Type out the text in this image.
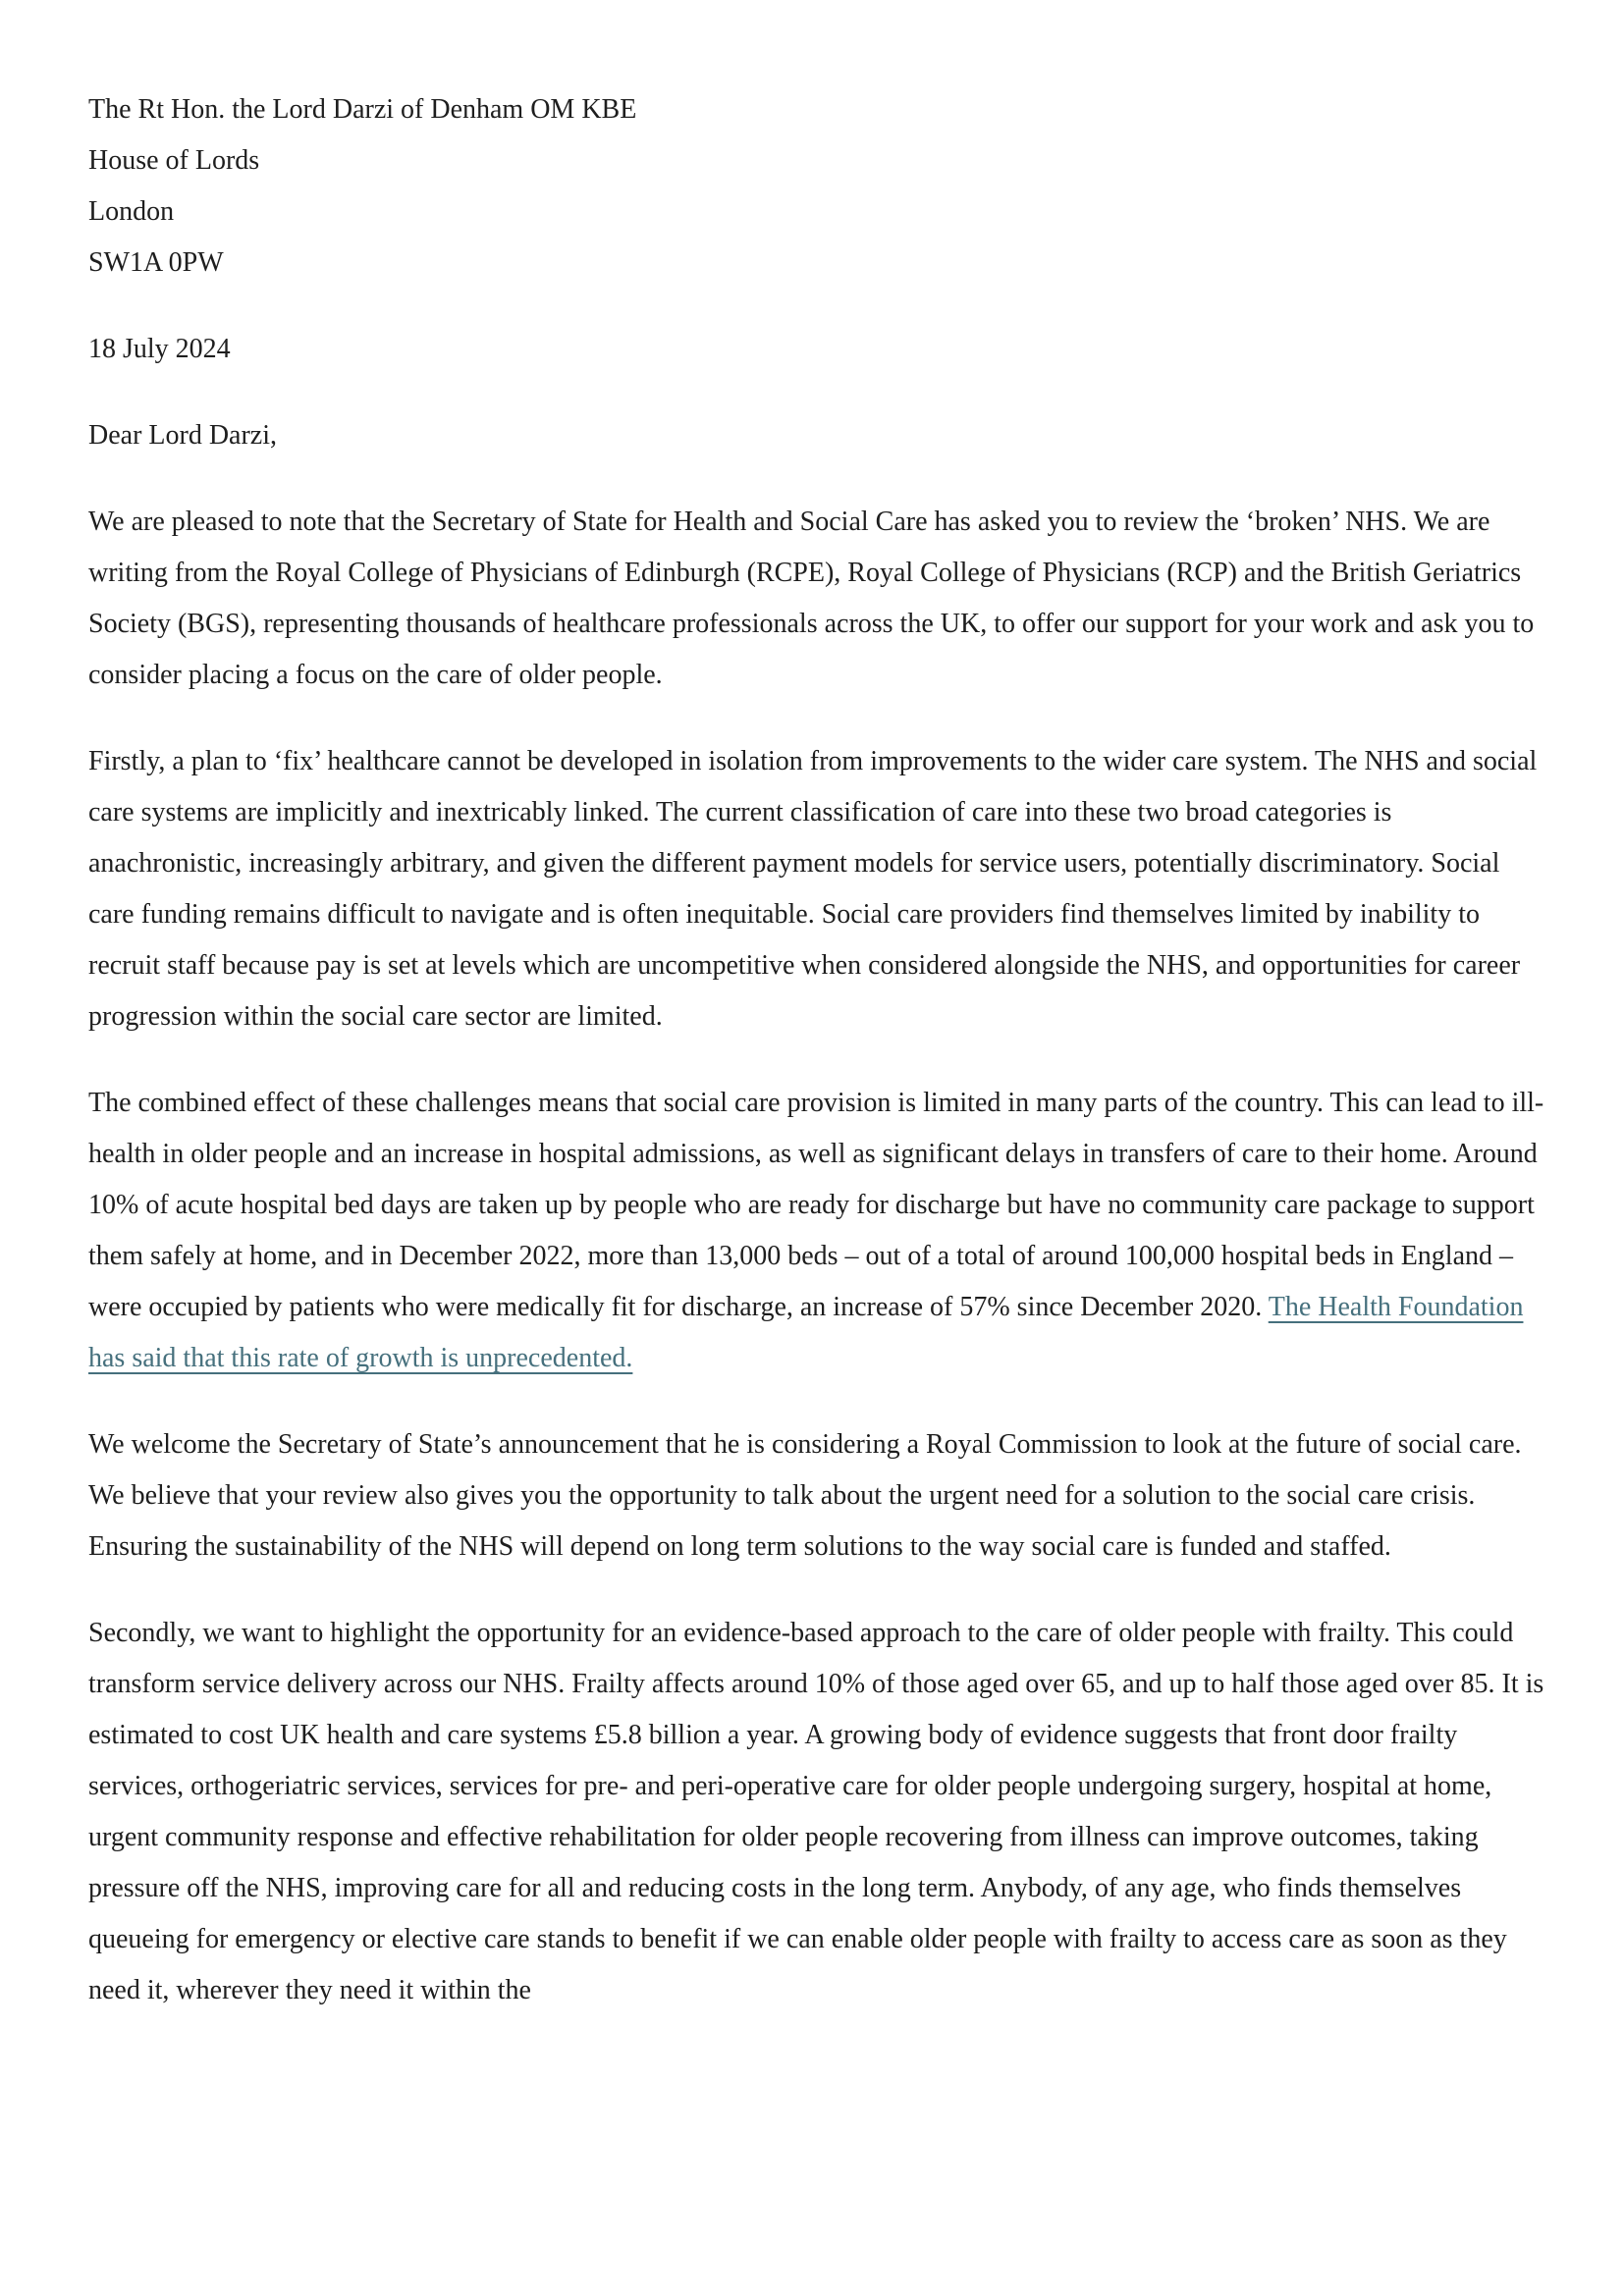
The Rt Hon. the Lord Darzi of Denham OM KBE
House of Lords
London
SW1A 0PW

18 July 2024

Dear Lord Darzi,

We are pleased to note that the Secretary of State for Health and Social Care has asked you to review the ‘broken’ NHS. We are writing from the Royal College of Physicians of Edinburgh (RCPE), Royal College of Physicians (RCP) and the British Geriatrics Society (BGS), representing thousands of healthcare professionals across the UK, to offer our support for your work and ask you to consider placing a focus on the care of older people.

Firstly, a plan to ‘fix’ healthcare cannot be developed in isolation from improvements to the wider care system. The NHS and social care systems are implicitly and inextricably linked. The current classification of care into these two broad categories is anachronistic, increasingly arbitrary, and given the different payment models for service users, potentially discriminatory. Social care funding remains difficult to navigate and is often inequitable. Social care providers find themselves limited by inability to recruit staff because pay is set at levels which are uncompetitive when considered alongside the NHS, and opportunities for career progression within the social care sector are limited.

The combined effect of these challenges means that social care provision is limited in many parts of the country. This can lead to ill-health in older people and an increase in hospital admissions, as well as significant delays in transfers of care to their home. Around 10% of acute hospital bed days are taken up by people who are ready for discharge but have no community care package to support them safely at home, and in December 2022, more than 13,000 beds – out of a total of around 100,000 hospital beds in England – were occupied by patients who were medically fit for discharge, an increase of 57% since December 2020. The Health Foundation has said that this rate of growth is unprecedented.

We welcome the Secretary of State’s announcement that he is considering a Royal Commission to look at the future of social care. We believe that your review also gives you the opportunity to talk about the urgent need for a solution to the social care crisis. Ensuring the sustainability of the NHS will depend on long term solutions to the way social care is funded and staffed.

Secondly, we want to highlight the opportunity for an evidence-based approach to the care of older people with frailty. This could transform service delivery across our NHS. Frailty affects around 10% of those aged over 65, and up to half those aged over 85. It is estimated to cost UK health and care systems £5.8 billion a year. A growing body of evidence suggests that front door frailty services, orthogeriatric services, services for pre- and peri-operative care for older people undergoing surgery, hospital at home, urgent community response and effective rehabilitation for older people recovering from illness can improve outcomes, taking pressure off the NHS, improving care for all and reducing costs in the long term. Anybody, of any age, who finds themselves queueing for emergency or elective care stands to benefit if we can enable older people with frailty to access care as soon as they need it, wherever they need it within the
